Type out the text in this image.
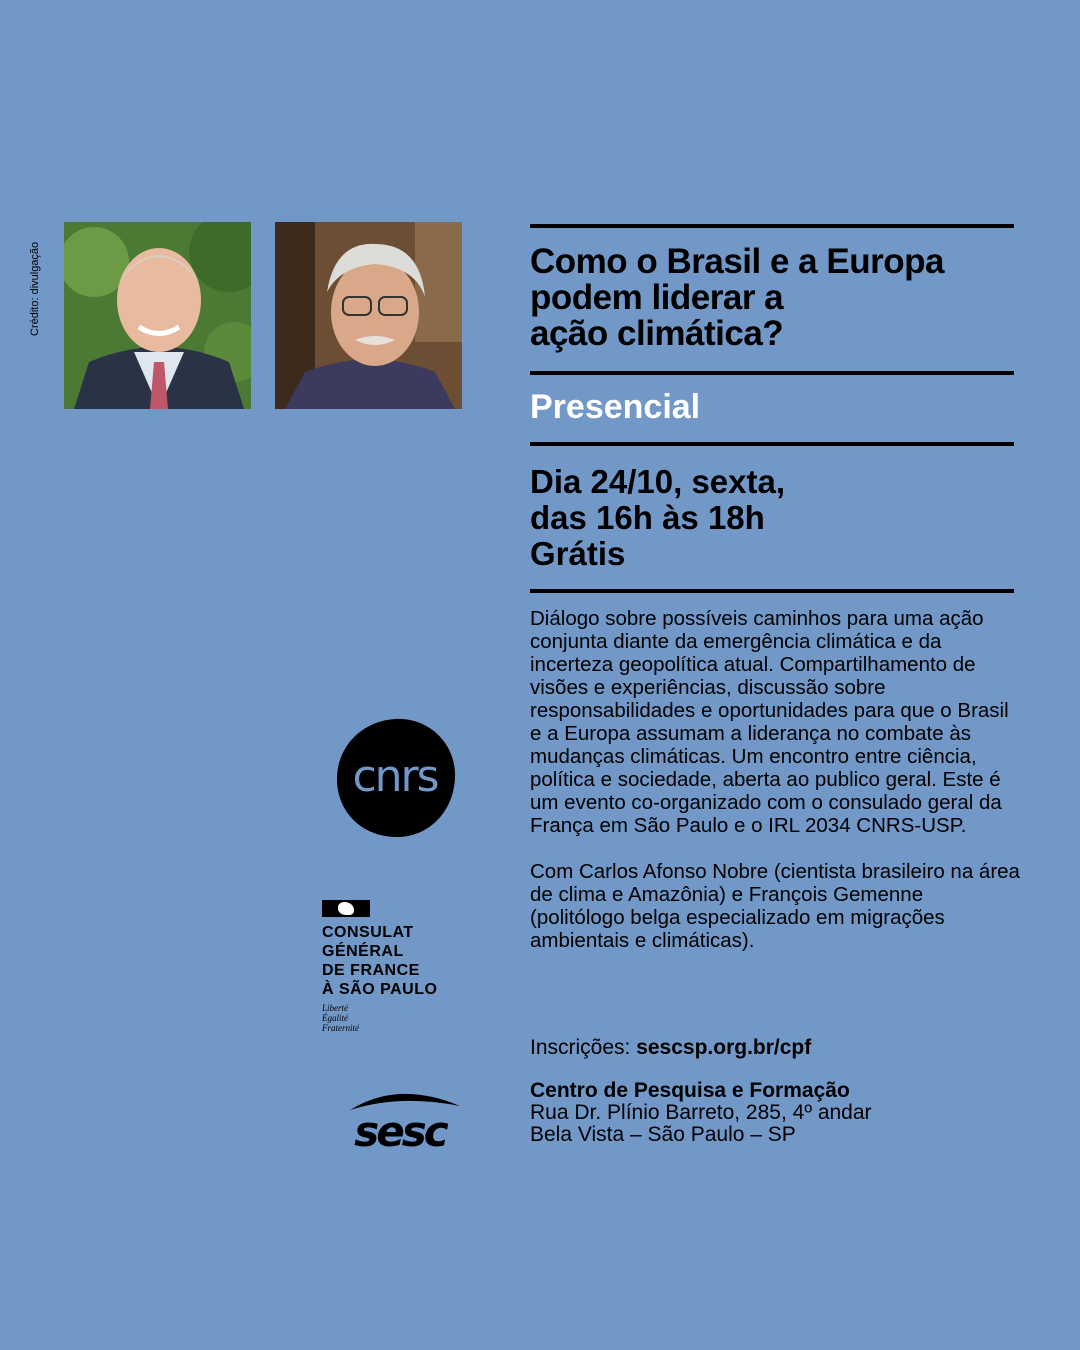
Crédito: divulgação	Como o Brasil e a Europa
podem liderar a
ação climática?
Presencial
Dia 24/10, sexta,
das 16h às 18h
Grátis

Diálogo sobre possíveis caminhos para uma ação conjunta diante da emergência climática e da incerteza geopolítica atual. Compartilhamento de visões e experiências, discussão sobre responsabilidades e oportunidades para que o Brasil e a Europa assumam a liderança no combate às mudanças climáticas. Um encontro entre ciência, política e sociedade, aberta ao publico geral. Este é um evento co-organizado com o consulado geral da França em São Paulo e o IRL 2034 CNRS-USP.

Com Carlos Afonso Nobre (cientista brasileiro na área de clima e Amazônia) e François Gemenne (politólogo belga especializado em migrações ambientais e climáticas).

Inscrições: sescsp.org.br/cpf
Centro de Pesquisa e Formação
Rua Dr. Plínio Barreto, 285, 4º andar
Bela Vista – São Paulo – SP
cnrs
CONSULAT
GÉNÉRAL
DE FRANCE
À SÃO PAULO
Liberté
Égalité
Fraternité
sesc
